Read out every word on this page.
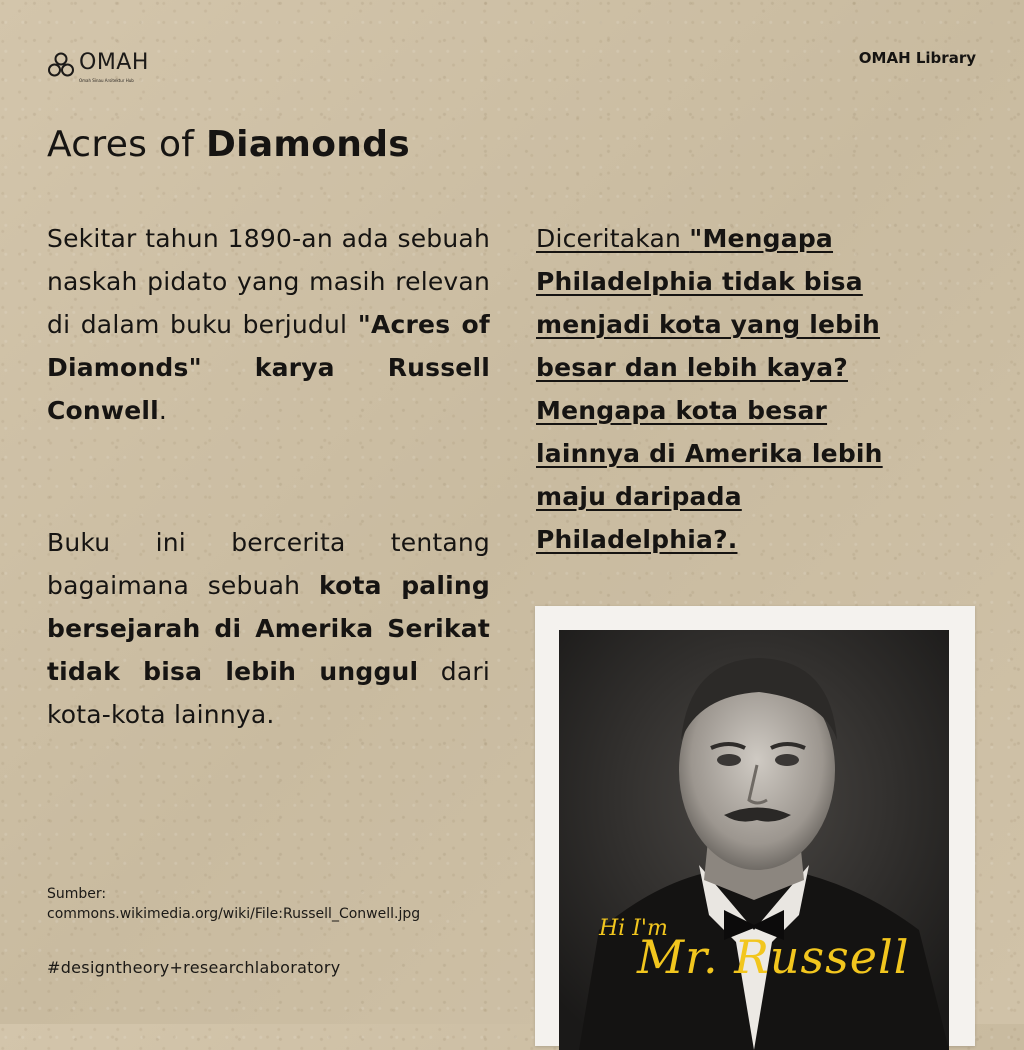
OMAH
Omah Sinau Arsitektur Hub
OMAH Library
Acres of Diamonds

Sekitar tahun 1890-an ada sebuah naskah pidato yang masih relevan di dalam buku berjudul "Acres of Diamonds" karya Russell Conwell.

Buku ini bercerita tentang bagaimana sebuah kota paling bersejarah di Amerika Serikat tidak bisa lebih unggul dari kota-kota lainnya.

Diceritakan "Mengapa Philadelphia tidak bisa menjadi kota yang lebih besar dan lebih kaya? Mengapa kota besar lainnya di Amerika lebih maju daripada Philadelphia?.

Sumber:
commons.wikimedia.org/wiki/File:Russell_Conwell.jpg
#designtheory+researchlaboratory
Hi I'm
Mr. Russell
